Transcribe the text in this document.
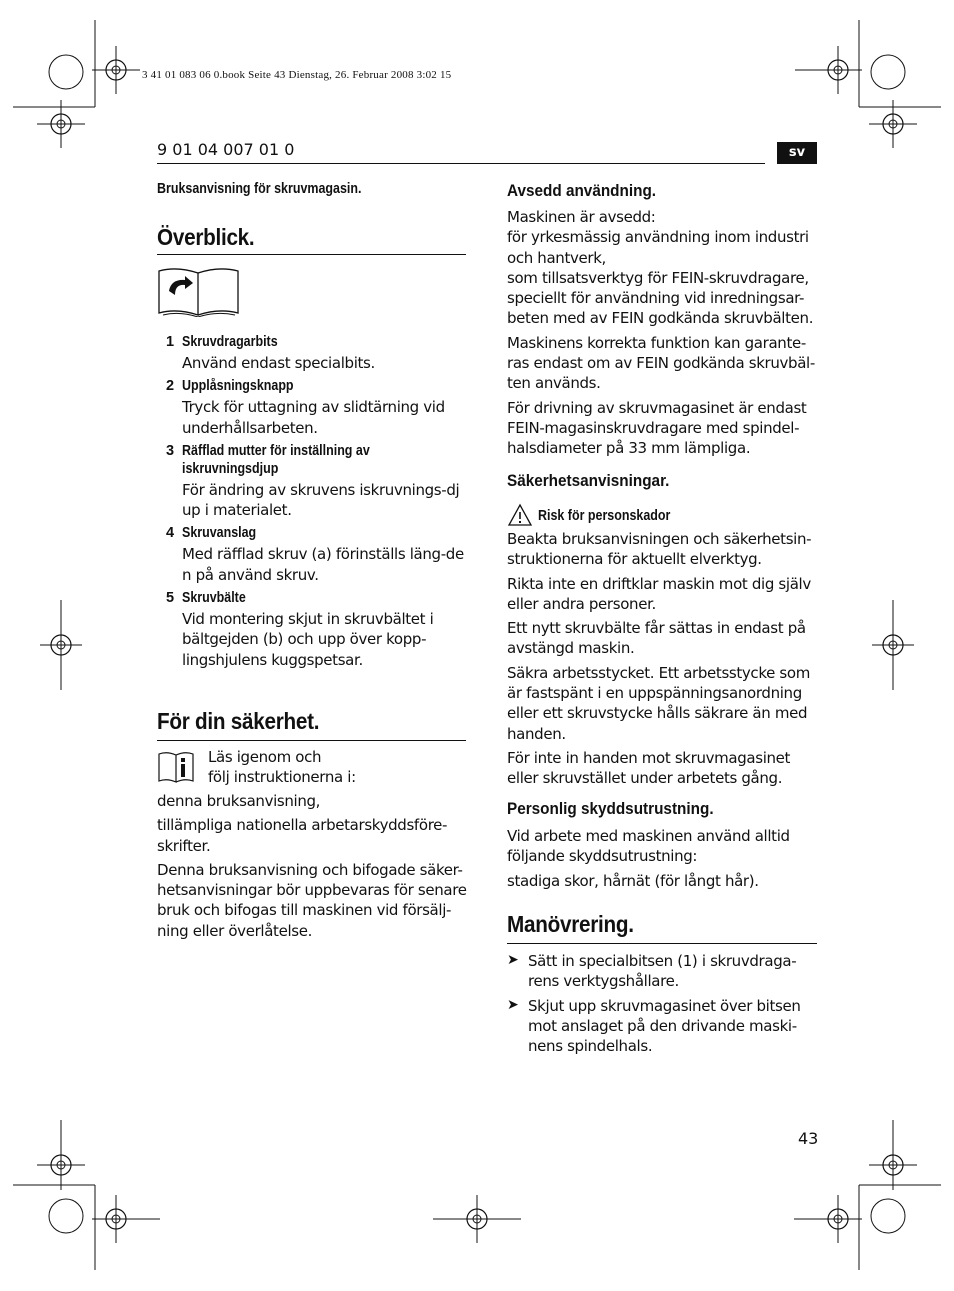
3 41 01 083 06 0.book Seite 43 Dienstag, 26. Februar 2008 3:02 15
9 01 04 007 01 0	sv
Bruksanvisning för skruvmagasin.
Överblick.
1 Skruvdragarbits
Använd endast specialbits.
2 Upplåsningsknapp
Tryck för uttagning av slidtärning vid underhållsarbeten.
3 Räfflad mutter för inställning av
iskruvningsdjup
För ändring av skruvens iskruvnings-djup i materialet.
4 Skruvanslag
Med räfflad skruv (a) förinställs läng-den på använd skruv.
5 Skruvbälte
Vid montering skjut in skruvbältet i bältgejden (b) och upp över kopp-lingshjulens kuggspetsar.
För din säkerhet.
Läs igenom och
följ instruktionerna i:

denna bruksanvisning,

tillämpliga nationella arbetarskyddsföre-skrifter.

Denna bruksanvisning och bifogade säker-hetsanvisningar bör uppbevaras för senare bruk och bifogas till maskinen vid försälj-ning eller överlåtelse.

Avsedd användning.

Maskinen är avsedd:

för yrkesmässig användning inom industri och hantverk,

som tillsatsverktyg för FEIN-skruvdragare, speciellt för användning vid inredningsar-beten med av FEIN godkända skruvbälten.

Maskinens korrekta funktion kan garante-ras endast om av FEIN godkända skruvbäl-ten används.

För drivning av skruvmagasinet är endast FEIN-magasinskruvdragare med spindel-halsdiameter på 33 mm lämpliga.

Säkerhetsanvisningar.
Risk för personskador

Beakta bruksanvisningen och säkerhetsin-struktionerna för aktuellt elverktyg.

Rikta inte en driftklar maskin mot dig själv eller andra personer.

Ett nytt skruvbälte får sättas in endast på avstängd maskin.

Säkra arbetsstycket. Ett arbetsstycke som är fastspänt i en uppspänningsanordning eller ett skruvstycke hålls säkrare än med handen.

För inte in handen mot skruvmagasinet eller skruvstället under arbetets gång.

Personlig skyddsutrustning.

Vid arbete med maskinen använd alltid följande skyddsutrustning:

stadiga skor, hårnät (för långt hår).

Manövrering.
➤ Sätt in specialbitsen (1) i skruvdraga-rens verktygshållare.
➤ Skjut upp skruvmagasinet över bitsen mot anslaget på den drivande maski-nens spindelhals.
43
